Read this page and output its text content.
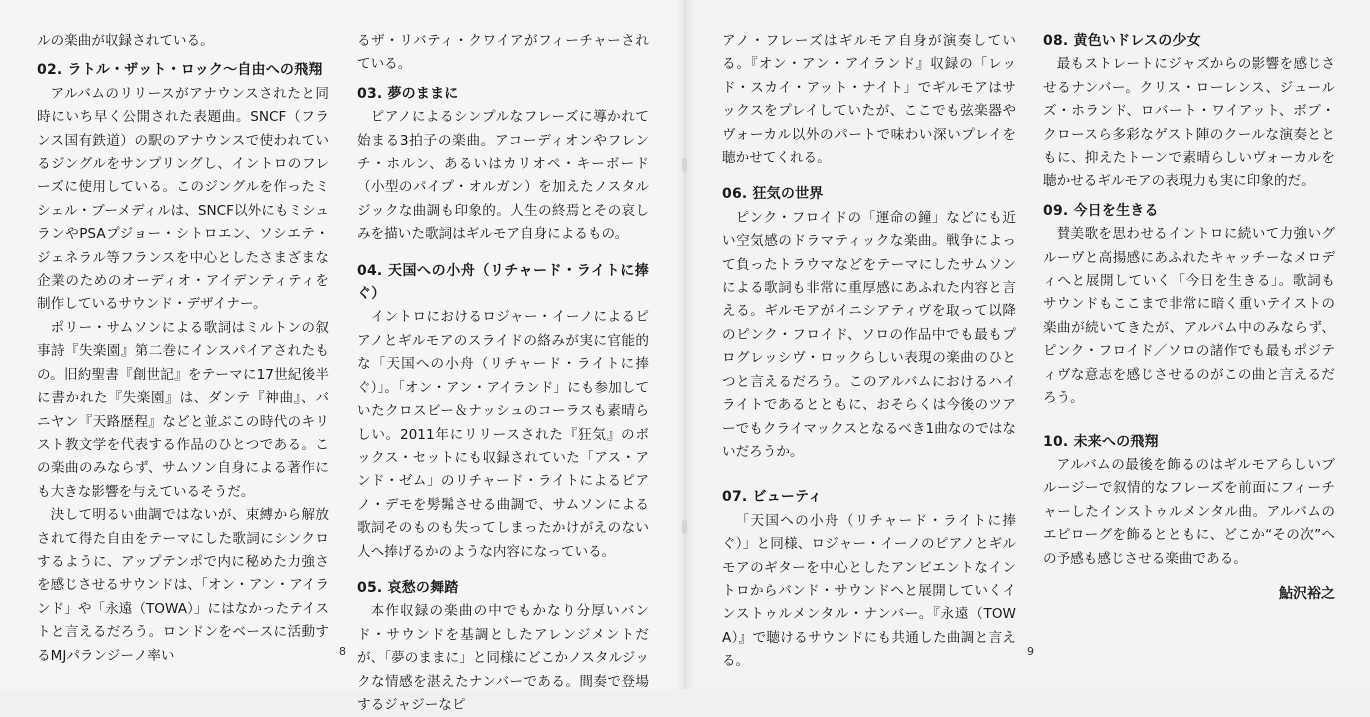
ルの楽曲が収録されている。

02. ラトル・ザット・ロック～自由への飛翔

アルバムのリリースがアナウンスされたと同時にいち早く公開された表題曲。SNCF（フランス国有鉄道）の駅のアナウンスで使われているジングルをサンプリングし、イントロのフレーズに使用している。このジングルを作ったミシェル・ブーメディルは、SNCF以外にもミシュランやPSAプジョー・シトロエン、ソシエテ・ジェネラル等フランスを中心としたさまざまな企業のためのオーディオ・アイデンティティを制作しているサウンド・デザイナー。

ポリー・サムソンによる歌詞はミルトンの叙事詩『失楽園』第二巻にインスパイアされたもの。旧約聖書『創世記』をテーマに17世紀後半に書かれた『失楽園』は、ダンテ『神曲』、バニヤン『天路歴程』などと並ぶこの時代のキリスト教文学を代表する作品のひとつである。この楽曲のみならず、サムソン自身による著作にも大きな影響を与えているそうだ。

決して明るい曲調ではないが、束縛から解放されて得た自由をテーマにした歌詞にシンクロするように、アップテンポで内に秘めた力強さを感じさせるサウンドは、「オン・アン・アイランド」や「永遠（TOWA）」にはなかったテイストと言えるだろう。ロンドンをベースに活動するMJパランジーノ率い

るザ・リバティ・クワイアがフィーチャーされている。

03. 夢のままに

ピアノによるシンプルなフレーズに導かれて始まる3拍子の楽曲。アコーディオンやフレンチ・ホルン、あるいはカリオペ・キーボード（小型のパイプ・オルガン）を加えたノスタルジックな曲調も印象的。人生の終焉とその哀しみを描いた歌詞はギルモア自身によるもの。

04. 天国への小舟（リチャード・ライトに捧ぐ）

イントロにおけるロジャー・イーノによるピアノとギルモアのスライドの絡みが実に官能的な「天国への小舟（リチャード・ライトに捧ぐ）」。「オン・アン・アイランド」にも参加していたクロスビー＆ナッシュのコーラスも素晴らしい。2011年にリリースされた『狂気』のボックス・セットにも収録されていた「アス・アンド・ゼム」のリチャード・ライトによるピアノ・デモを髣髴させる曲調で、サムソンによる歌詞そのものも失ってしまったかけがえのない人へ捧げるかのような内容になっている。

05. 哀愁の舞踏

本作収録の楽曲の中でもかなり分厚いバンド・サウンドを基調としたアレンジメントだが、「夢のままに」と同様にどこかノスタルジックな情感を湛えたナンバーである。間奏で登場するジャジーなピ

8	9

アノ・フレーズはギルモア自身が演奏している。『オン・アン・アイランド』収録の「レッド・スカイ・アット・ナイト」でギルモアはサックスをプレイしていたが、ここでも弦楽器やヴォーカル以外のパートで味わい深いプレイを聴かせてくれる。

06. 狂気の世界

ピンク・フロイドの「運命の鐘」などにも近い空気感のドラマティックな楽曲。戦争によって負ったトラウマなどをテーマにしたサムソンによる歌詞も非常に重厚感にあふれた内容と言える。ギルモアがイニシアティヴを取って以降のピンク・フロイド、ソロの作品中でも最もプログレッシヴ・ロックらしい表現の楽曲のひとつと言えるだろう。このアルバムにおけるハイライトであるとともに、おそらくは今後のツアーでもクライマックスとなるべき1曲なのではないだろうか。

07. ビューティ

「天国への小舟（リチャード・ライトに捧ぐ）」と同様、ロジャー・イーノのピアノとギルモアのギターを中心としたアンビエントなイントロからバンド・サウンドへと展開していくインストゥルメンタル・ナンバー。『永遠（TOWA）』で聴けるサウンドにも共通した曲調と言える。

08. 黄色いドレスの少女

最もストレートにジャズからの影響を感じさせるナンバー。クリス・ローレンス、ジュールズ・ホランド、ロバート・ワイアット、ボブ・クロースら多彩なゲスト陣のクールな演奏とともに、抑えたトーンで素晴らしいヴォーカルを聴かせるギルモアの表現力も実に印象的だ。

09. 今日を生きる

賛美歌を思わせるイントロに続いて力強いグルーヴと高揚感にあふれたキャッチーなメロディへと展開していく「今日を生きる」。歌詞もサウンドもここまで非常に暗く重いテイストの楽曲が続いてきたが、アルバム中のみならず、ピンク・フロイド／ソロの諸作でも最もポジティヴな意志を感じさせるのがこの曲と言えるだろう。

10. 未来への飛翔

アルバムの最後を飾るのはギルモアらしいブルージーで叙情的なフレーズを前面にフィーチャーしたインストゥルメンタル曲。アルバムのエピローグを飾るとともに、どこか“その次”への予感も感じさせる楽曲である。

鮎沢裕之
